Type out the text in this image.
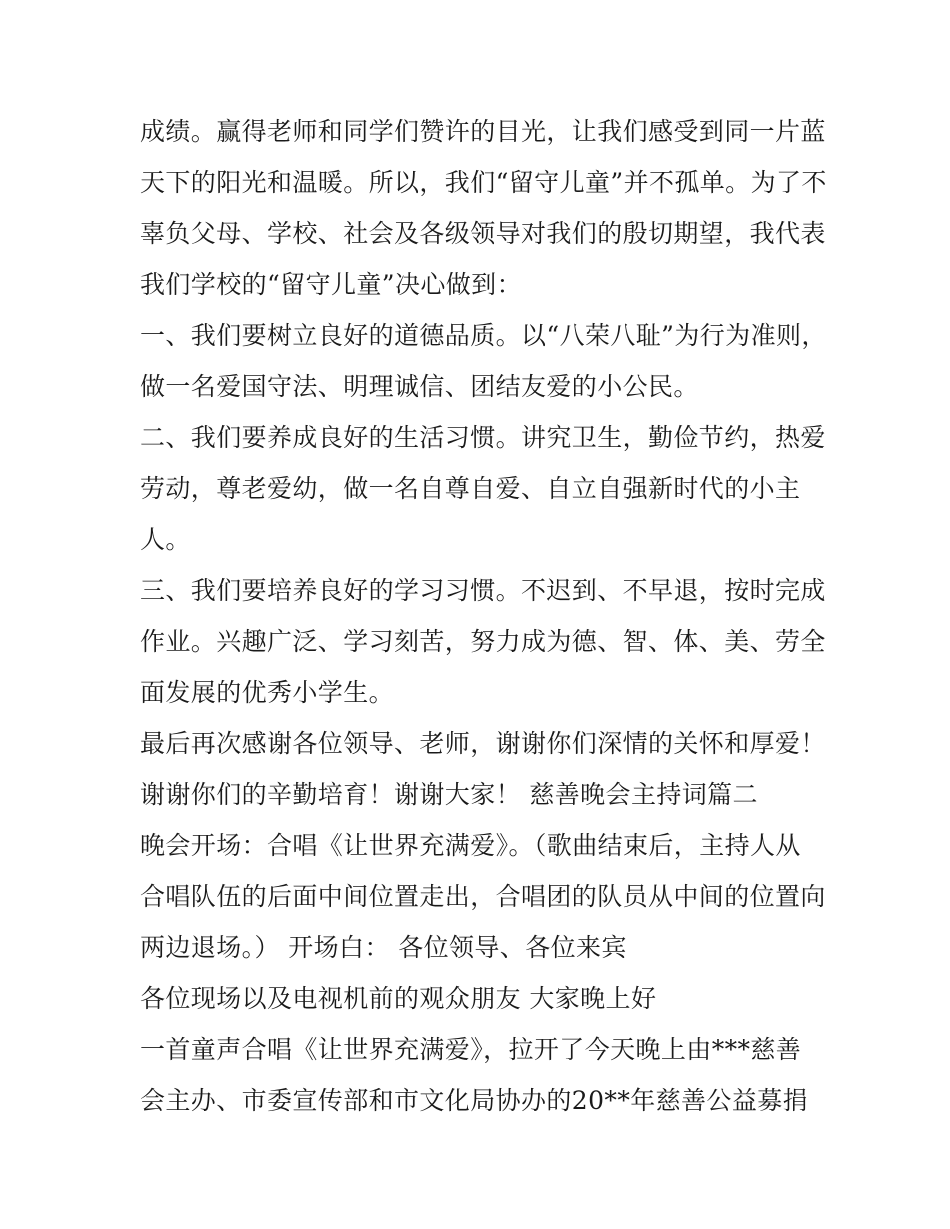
成绩。赢得老师和同学们赞许的目光，让我们感受到同一片蓝
天下的阳光和温暖。所以，我们“留守儿童”并不孤单。为了不
辜负父母、学校、社会及各级领导对我们的殷切期望，我代表
我们学校的“留守儿童”决心做到：
一、我们要树立良好的道德品质。以“八荣八耻”为行为准则，
做一名爱国守法、明理诚信、团结友爱的小公民。
二、我们要养成良好的生活习惯。讲究卫生，勤俭节约，热爱
劳动，尊老爱幼，做一名自尊自爱、自立自强新时代的小主
人。
三、我们要培养良好的学习习惯。不迟到、不早退，按时完成
作业。兴趣广泛、学习刻苦，努力成为德、智、体、美、劳全
面发展的优秀小学生。
最后再次感谢各位领导、老师，谢谢你们深情的关怀和厚爱！
谢谢你们的辛勤培育！谢谢大家！ 慈善晚会主持词篇二
晚会开场：合唱《让世界充满爱》。（歌曲结束后，主持人从
合唱队伍的后面中间位置走出，合唱团的队员从中间的位置向
两边退场。） 开场白： 各位领导、各位来宾
各位现场以及电视机前的观众朋友 大家晚上好
一首童声合唱《让世界充满爱》，拉开了今天晚上由***慈善
会主办、市委宣传部和市文化局协办的20**年慈善公益募捐
